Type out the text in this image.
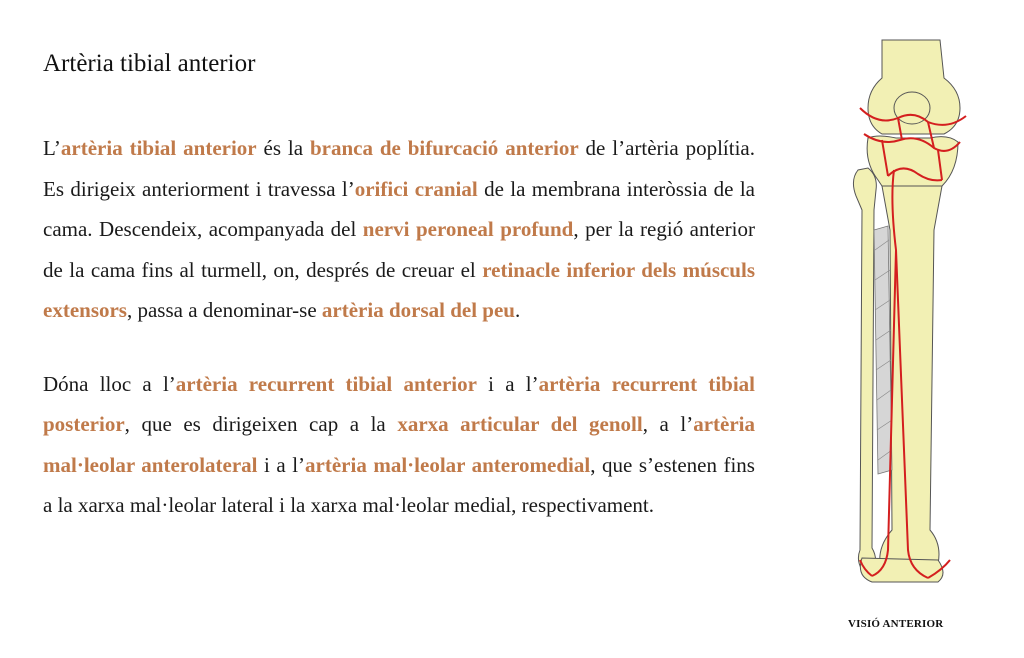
Artèria tibial anterior

L’artèria tibial anterior és la branca de bifurcació anterior de l’artèria poplítia. Es dirigeix anteriorment i travessa l’orifici cranial de la membrana interòssia de la cama. Descendeix, acompanyada del nervi peroneal profund, per la regió anterior de la cama fins al turmell, on, després de creuar el retinacle inferior dels músculs extensors, passa a denominar-se artèria dorsal del peu.

Dóna lloc a l’artèria recurrent tibial anterior i a l’artèria recurrent tibial posterior, que es dirigeixen cap a la xarxa articular del genoll, a l’artèria mal·leolar anterolateral i a l’artèria mal·leolar anteromedial, que s’estenen fins a la xarxa mal·leolar lateral i la xarxa mal·leolar medial, respectivament.

VISIÓ ANTERIOR
